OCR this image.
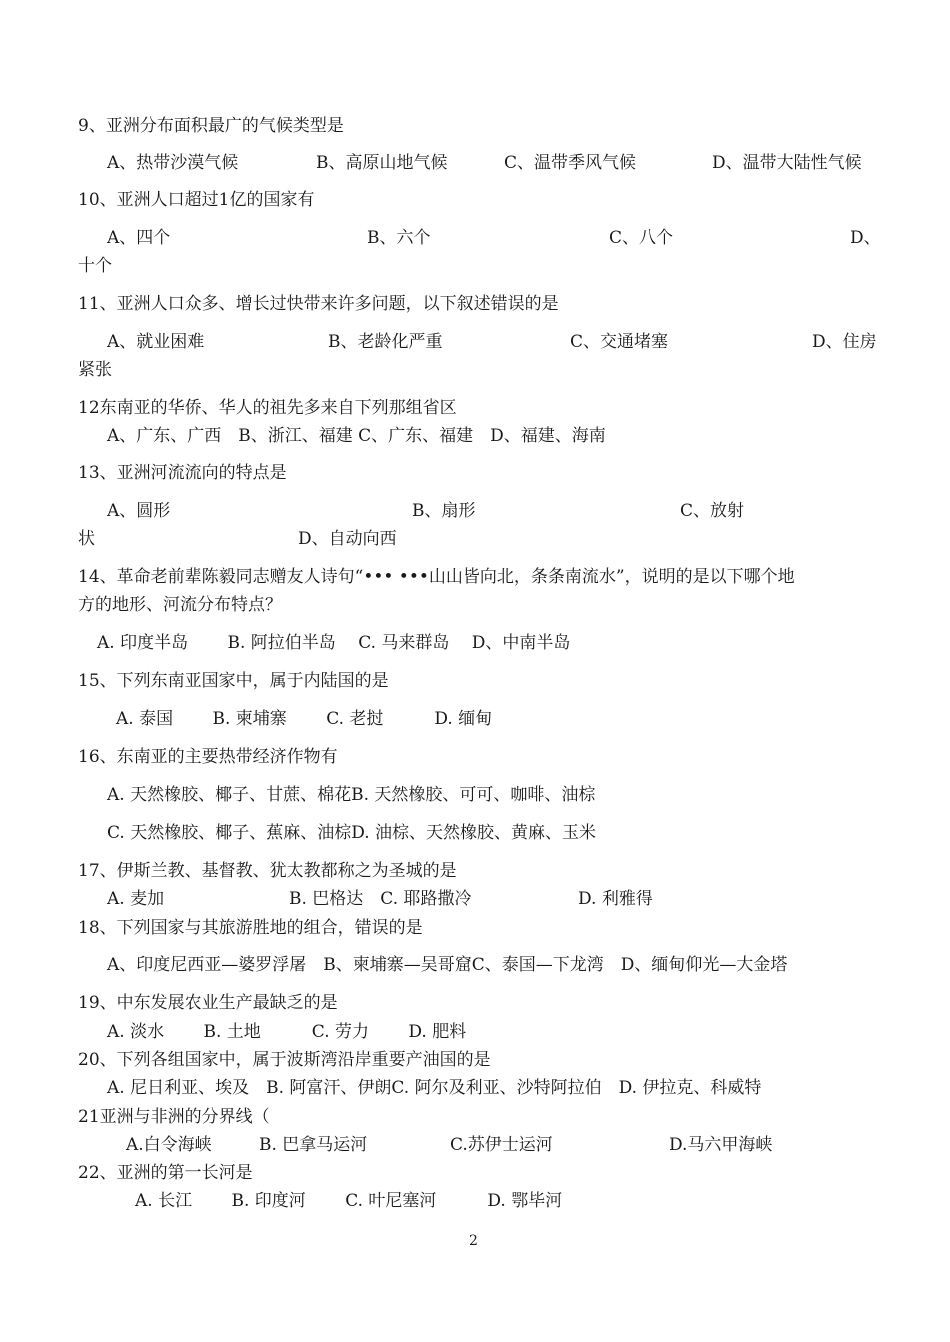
9、亚洲分布面积最广的气候类型是
A、热带沙漠气候	B、高原山地气候	C、温带季风气候	D、温带大陆性气候
10、亚洲人口超过1亿的国家有
A、四个	B、六个	C、八个	D、
十个
11、亚洲人口众多、增长过快带来许多问题，以下叙述错误的是
A、就业困难	B、老龄化严重	C、交通堵塞	D、住房
紧张
12东南亚的华侨、华人的祖先多来自下列那组省区
A、广东、广西　B、浙江、福建 C、广东、福建　D、福建、海南
13、亚洲河流流向的特点是
A、圆形	B、扇形	C、放射
状	D、自动向西
14、革命老前辈陈毅同志赠友人诗句“••• •••山山皆向北，条条南流水”，说明的是以下哪个地
方的地形、河流分布特点？
A. 印度半岛　　 B. 阿拉伯半岛　 C. 马来群岛　 D、中南半岛
15、下列东南亚国家中，属于内陆国的是
A. 泰国　　 B. 柬埔寨　　 C. 老挝　　　D. 缅甸
16、东南亚的主要热带经济作物有
A. 天然橡胶、椰子、甘蔗、棉花B. 天然橡胶、可可、咖啡、油棕
C. 天然橡胶、椰子、蕉麻、油棕D. 油棕、天然橡胶、黄麻、玉米
17、伊斯兰教、基督教、犹太教都称之为圣城的是
A. 麦加	B. 巴格达　C. 耶路撒冷	D. 利雅得
18、下列国家与其旅游胜地的组合，错误的是
A、印度尼西亚—婆罗浮屠　B、柬埔寨—吴哥窟C、泰国—下龙湾　D、缅甸仰光—大金塔
19、中东发展农业生产最缺乏的是
A. 淡水　　 B. 土地　　　C. 劳力　　 D. 肥料
20、下列各组国家中，属于波斯湾沿岸重要产油国的是
A. 尼日利亚、埃及　B. 阿富汗、伊朗C. 阿尔及利亚、沙特阿拉伯　D. 伊拉克、科威特
21亚洲与非洲的分界线（
A.白令海峡	B. 巴拿马运河	C.苏伊士运河	D.马六甲海峡
22、亚洲的第一长河是
A. 长江　　 B. 印度河　　 C. 叶尼塞河　　　D. 鄂毕河
2
